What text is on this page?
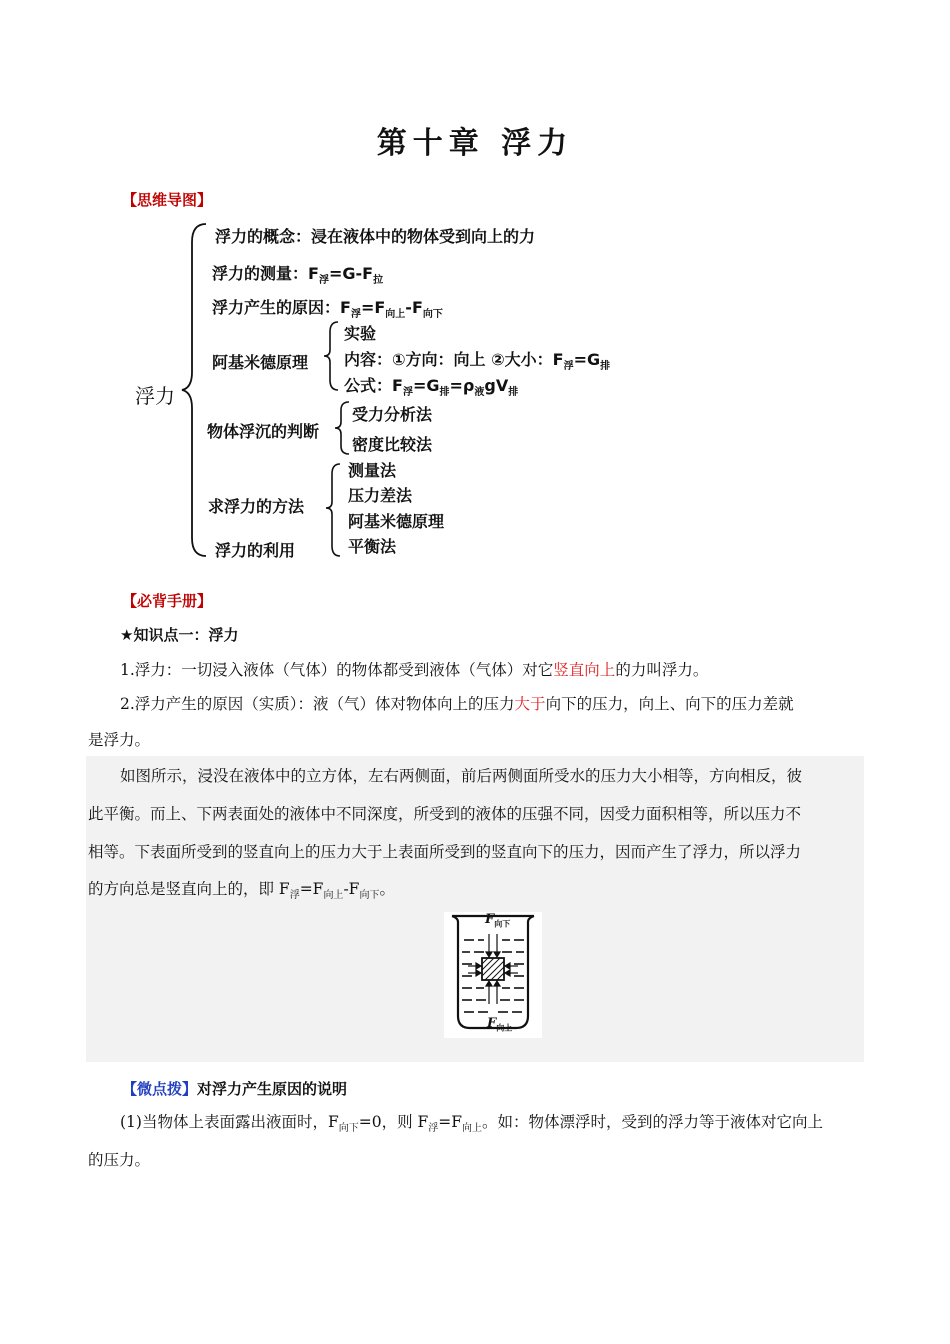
第十章 浮力
【思维导图】
浮力
浮力的概念：浸在液体中的物体受到向上的力
浮力的测量：$F_浮=G-F_拉$
浮力产生的原因：$F_浮=F_{向上}-F_{向下}$
阿基米德原理
实验
内容：①方向：向上 ②大小：$F_浮=G_排$
公式：$F_浮=G_排=\rho_液gV_排$
物体浮沉的判断
受力分析法
密度比较法
求浮力的方法
测量法
压力差法
阿基米德原理
平衡法
浮力的利用
【必背手册】
★知识点一：浮力
1.浮力：一切浸入液体（气体）的物体都受到液体（气体）对它竖直向上的力叫浮力。
2.浮力产生的原因（实质）：液（气）体对物体向上的压力大于向下的压力，向上、向下的压力差就
是浮力。
如图所示，浸没在液体中的立方体，左右两侧面，前后两侧面所受水的压力大小相等，方向相反，彼
此平衡。而上、下两表面处的液体中不同深度，所受到的液体的压强不同，因受力面积相等，所以压力不
相等。下表面所受到的竖直向上的压力大于上表面所受到的竖直向下的压力，因而产生了浮力，所以浮力
的方向总是竖直向上的，即 $F_浮=F_{向上}-F_{向下}$。
$F_{向下}$
$F_{向上}$
【微点拨】对浮力产生原因的说明
(1)当物体上表面露出液面时，$F_{向下}=0$，则 $F_浮=F_{向上}$。如：物体漂浮时，受到的浮力等于液体对它向上
的压力。
